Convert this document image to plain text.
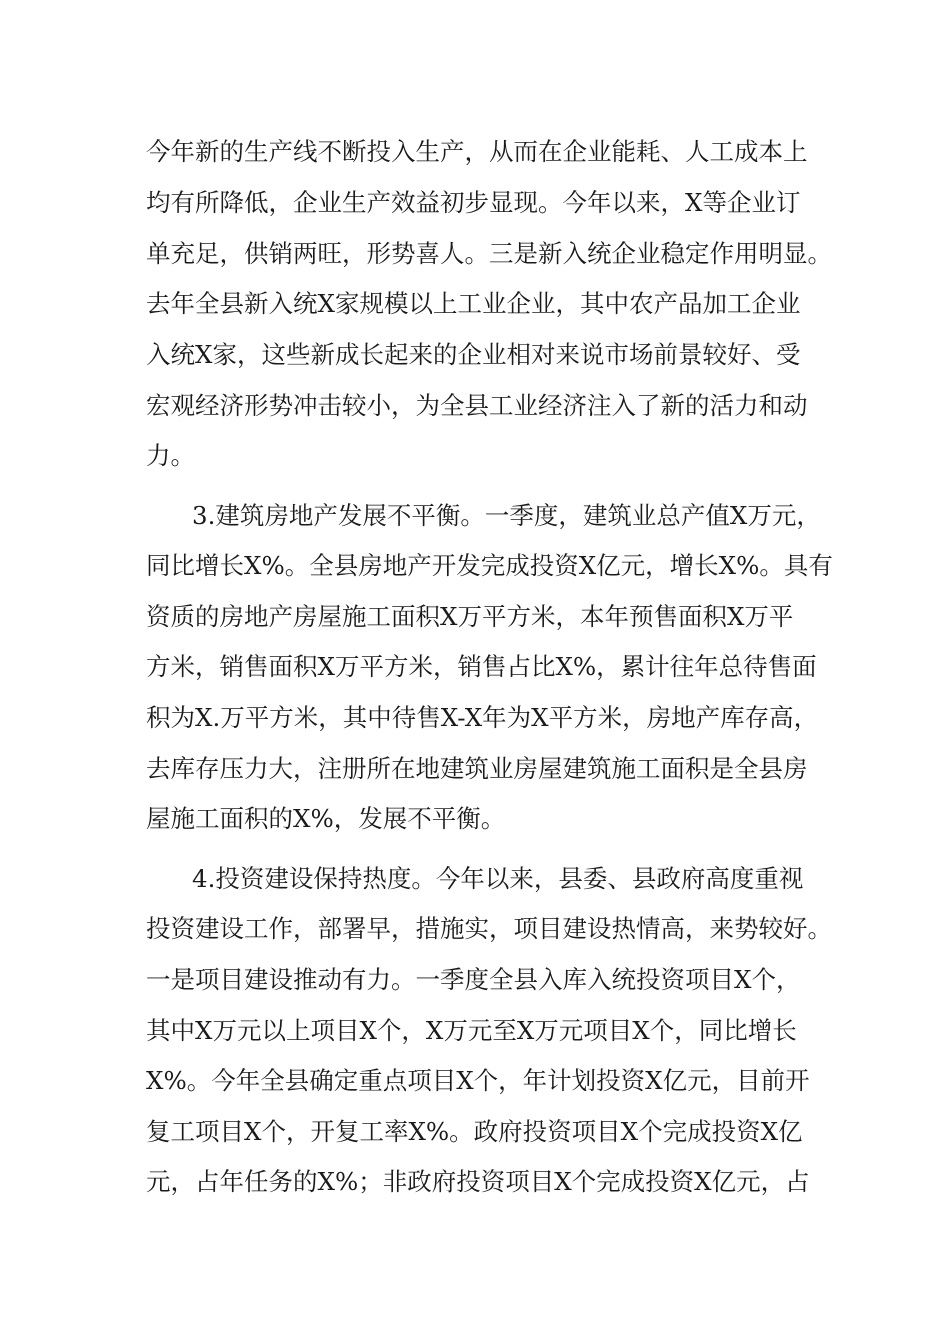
今年新的生产线不断投入生产，从而在企业能耗、人工成本上
均有所降低，企业生产效益初步显现。今年以来，X等企业订
单充足，供销两旺，形势喜人。三是新入统企业稳定作用明显。
去年全县新入统X家规模以上工业企业，其中农产品加工企业
入统X家，这些新成长起来的企业相对来说市场前景较好、受
宏观经济形势冲击较小，为全县工业经济注入了新的活力和动
力。
3.建筑房地产发展不平衡。一季度，建筑业总产值X万元，
同比增长X%。全县房地产开发完成投资X亿元，增长X%。具有
资质的房地产房屋施工面积X万平方米，本年预售面积X万平
方米，销售面积X万平方米，销售占比X%，累计往年总待售面
积为X.万平方米，其中待售X-X年为X平方米，房地产库存高，
去库存压力大，注册所在地建筑业房屋建筑施工面积是全县房
屋施工面积的X%，发展不平衡。
4.投资建设保持热度。今年以来，县委、县政府高度重视
投资建设工作，部署早，措施实，项目建设热情高，来势较好。
一是项目建设推动有力。一季度全县入库入统投资项目X个，
其中X万元以上项目X个，X万元至X万元项目X个，同比增长
X%。今年全县确定重点项目X个，年计划投资X亿元，目前开
复工项目X个，开复工率X%。政府投资项目X个完成投资X亿
元，占年任务的X%；非政府投资项目X个完成投资X亿元，占
